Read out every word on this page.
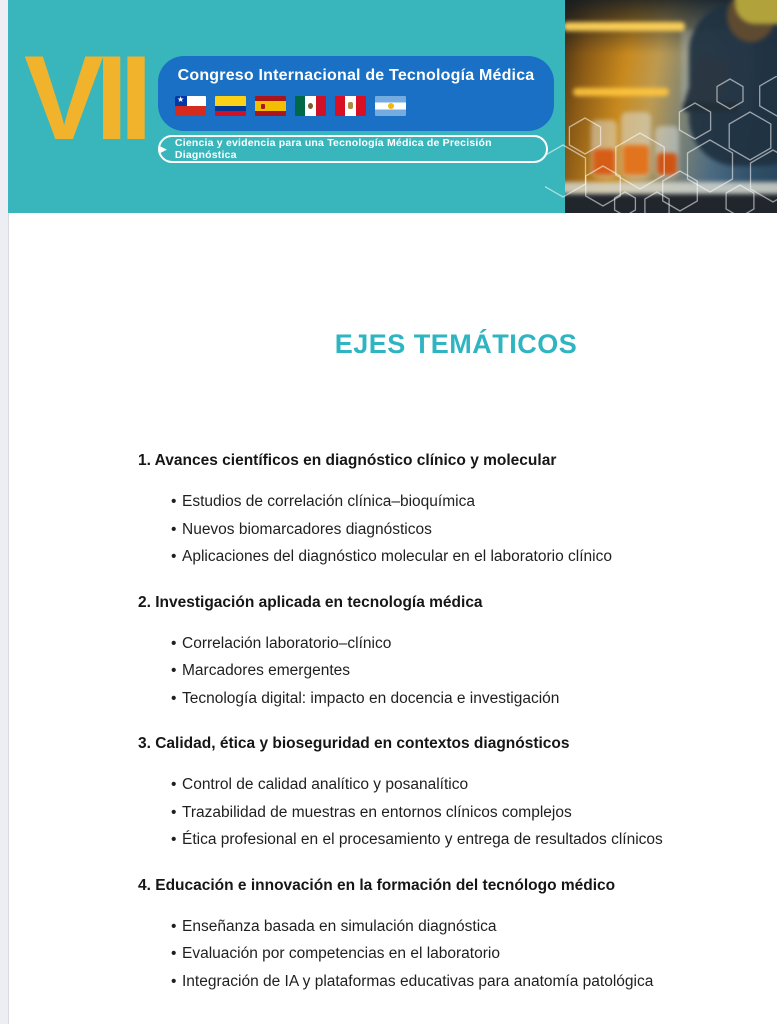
VII	Congreso Internacional de Tecnología Médica
★
▶ Ciencia y evidencia para una Tecnología Médica de Precisión Diagnóstica
EJES TEMÁTICOS
1. Avances científicos en diagnóstico clínico y molecular
• Estudios de correlación clínica–bioquímica
• Nuevos biomarcadores diagnósticos
• Aplicaciones del diagnóstico molecular en el laboratorio clínico
2. Investigación aplicada en tecnología médica
• Correlación laboratorio–clínico
• Marcadores emergentes
• Tecnología digital: impacto en docencia e investigación
3. Calidad, ética y bioseguridad en contextos diagnósticos
• Control de calidad analítico y posanalítico
• Trazabilidad de muestras en entornos clínicos complejos
• Ética profesional en el procesamiento y entrega de resultados clínicos
4. Educación e innovación en la formación del tecnólogo médico
• Enseñanza basada en simulación diagnóstica
• Evaluación por competencias en el laboratorio
• Integración de IA y plataformas educativas para anatomía patológica
